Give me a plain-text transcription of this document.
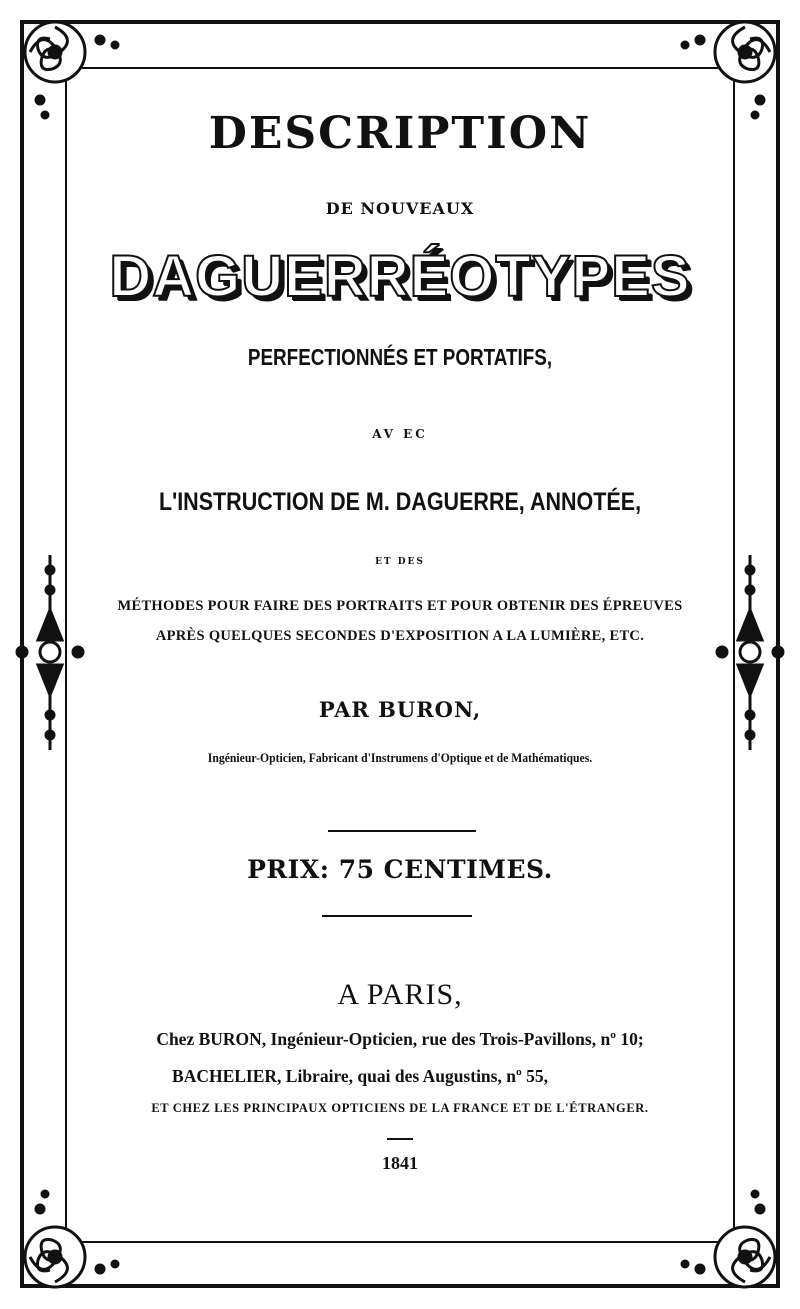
DESCRIPTION
DE NOUVEAUX
DAGUERRÉOTYPES
PERFECTIONNÉS ET PORTATIFS,
AV EC
L'INSTRUCTION DE M. DAGUERRE, ANNOTÉE,
ET DES
MÉTHODES POUR FAIRE DES PORTRAITS ET POUR OBTENIR DES ÉPREUVES
APRÈS QUELQUES SECONDES D'EXPOSITION A LA LUMIÈRE, ETC.
PAR BURON,
Ingénieur-Opticien, Fabricant d'Instrumens d'Optique et de Mathématiques.
PRIX: 75 CENTIMES.
A PARIS,
Chez BURON, Ingénieur-Opticien, rue des Trois-Pavillons, nº 10;
BACHELIER, Libraire, quai des Augustins, nº 55,
ET CHEZ LES PRINCIPAUX OPTICIENS DE LA FRANCE ET DE L'ÉTRANGER.
1841
